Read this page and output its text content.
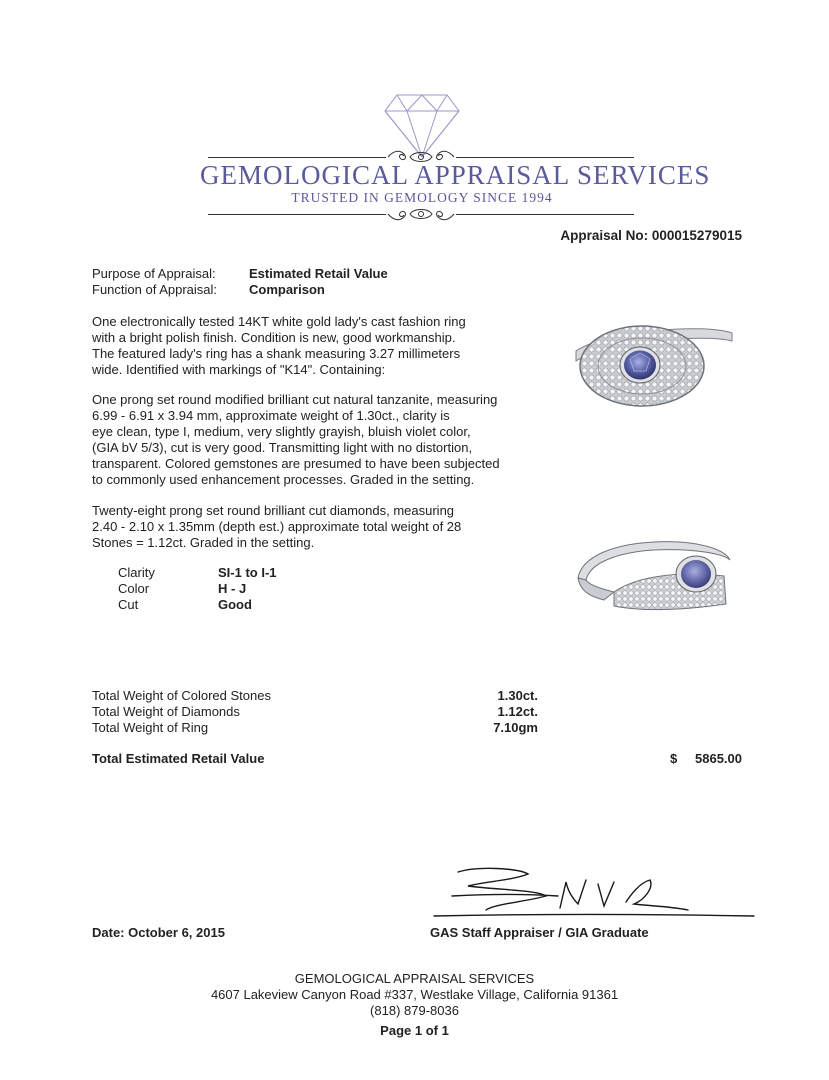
GEMOLOGICAL APPRAISAL SERVICES
TRUSTED IN GEMOLOGY SINCE 1994
Appraisal No: 000015279015
Purpose of Appraisal:	Estimated Retail Value
Function of Appraisal: Comparison

One electronically tested 14KT white gold lady's cast fashion ring

with a bright polish finish. Condition is new, good workmanship.

The featured lady's ring has a shank measuring 3.27 millimeters

wide. Identified with markings of "K14". Containing:

One prong set round modified brilliant cut natural tanzanite, measuring

6.99 - 6.91 x 3.94 mm, approximate weight of 1.30ct., clarity is

eye clean, type I, medium, very slightly grayish, bluish violet color,

(GIA bV 5/3), cut is very good. Transmitting light with no distortion,

transparent. Colored gemstones are presumed to have been subjected

to commonly used enhancement processes. Graded in the setting.

Twenty-eight prong set round brilliant cut diamonds, measuring

2.40 - 2.10 x 1.35mm (depth est.) approximate total weight of 28

Stones = 1.12ct. Graded in the setting.

Clarity	SI-1 to I-1
Color	H - J
Cut	Good
Total Weight of Colored Stones	1.30ct.
Total Weight of Diamonds	1.12ct.
Total Weight of Ring	7.10gm
Total Estimated Retail Value	$ 5865.00
Date: October 6, 2015	GAS Staff Appraiser / GIA Graduate
GEMOLOGICAL APPRAISAL SERVICES
4607 Lakeview Canyon Road #337, Westlake Village, California 91361
(818) 879-8036
Page 1 of 1
